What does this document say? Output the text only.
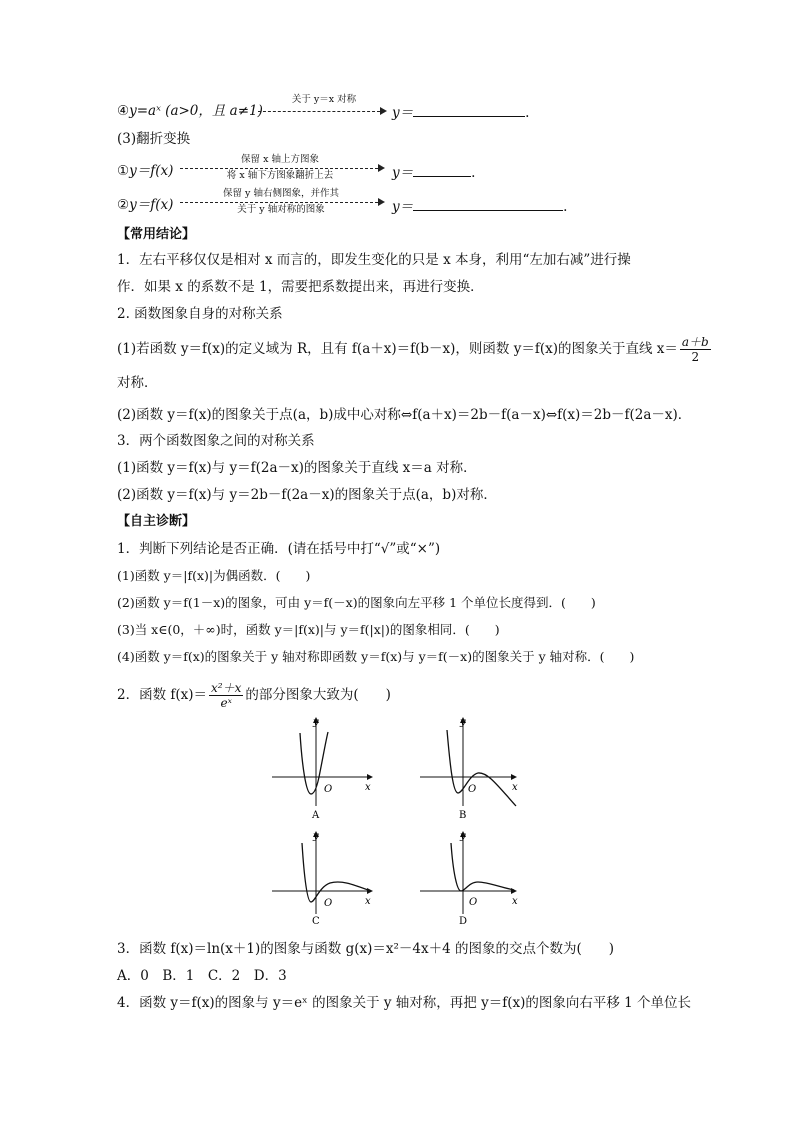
④y=aˣ (a>0，且 a≠1)
关于 y＝x 对称
y＝	.
(3)翻折变换
①y＝f(x)
保留 x 轴上方图象
将 x 轴下方图象翻折上去	y＝	.
②y＝f(x)
保留 y 轴右侧图象，并作其
关于 y 轴对称的图象	y＝	.
【常用结论】
1．左右平移仅仅是相对 x 而言的，即发生变化的只是 x 本身，利用“左加右减”进行操
作．如果 x 的系数不是 1，需要把系数提出来，再进行变换．
2. 函数图象自身的对称关系
(1)若函数 y＝f(x)的定义域为 R，且有 f(a＋x)＝f(b－x)，则函数 y＝f(x)的图象关于直线 $x= \frac{a+b}{2}$
对称．
(2)函数 y＝f(x)的图象关于点(a，b)成中心对称⇔f(a＋x)＝2b－f(a－x)⇔f(x)＝2b－f(2a－x)．
3．两个函数图象之间的对称关系
(1)函数 y＝f(x)与 y＝f(2a－x)的图象关于直线 x＝a 对称．
(2)函数 y＝f(x)与 y＝2b－f(2a－x)的图象关于点(a，b)对称．
【自主诊断】
1．判断下列结论是否正确．(请在括号中打“√”或“×”)
(1)函数 y＝|f(x)|为偶函数．(　　)
(2)函数 y＝f(1－x)的图象，可由 y＝f(－x)的图象向左平移 1 个单位长度得到．(　　)
(3)当 x∈(0，＋∞)时，函数 y＝|f(x)|与 y＝f(|x|)的图象相同．(　　)
(4)函数 y＝f(x)的图象关于 y 轴对称即函数 y＝f(x)与 y＝f(－x)的图象关于 y 轴对称．(　　)
2．函数 $f(x)= \frac{\text{x²＋x}}{\text{eˣ}}$ 的部分图象大致为(　　)
y
x
O
A
y
x
O
B
y
x
O
C
y
x
O
D
3．函数 f(x)＝ln(x＋1)的图象与函数 g(x)＝x²－4x＋4 的图象的交点个数为(　　)
A．0　B．1　C．2　D．3
4．函数 y＝f(x)的图象与 y＝eˣ 的图象关于 y 轴对称，再把 y＝f(x)的图象向右平移 1 个单位长
